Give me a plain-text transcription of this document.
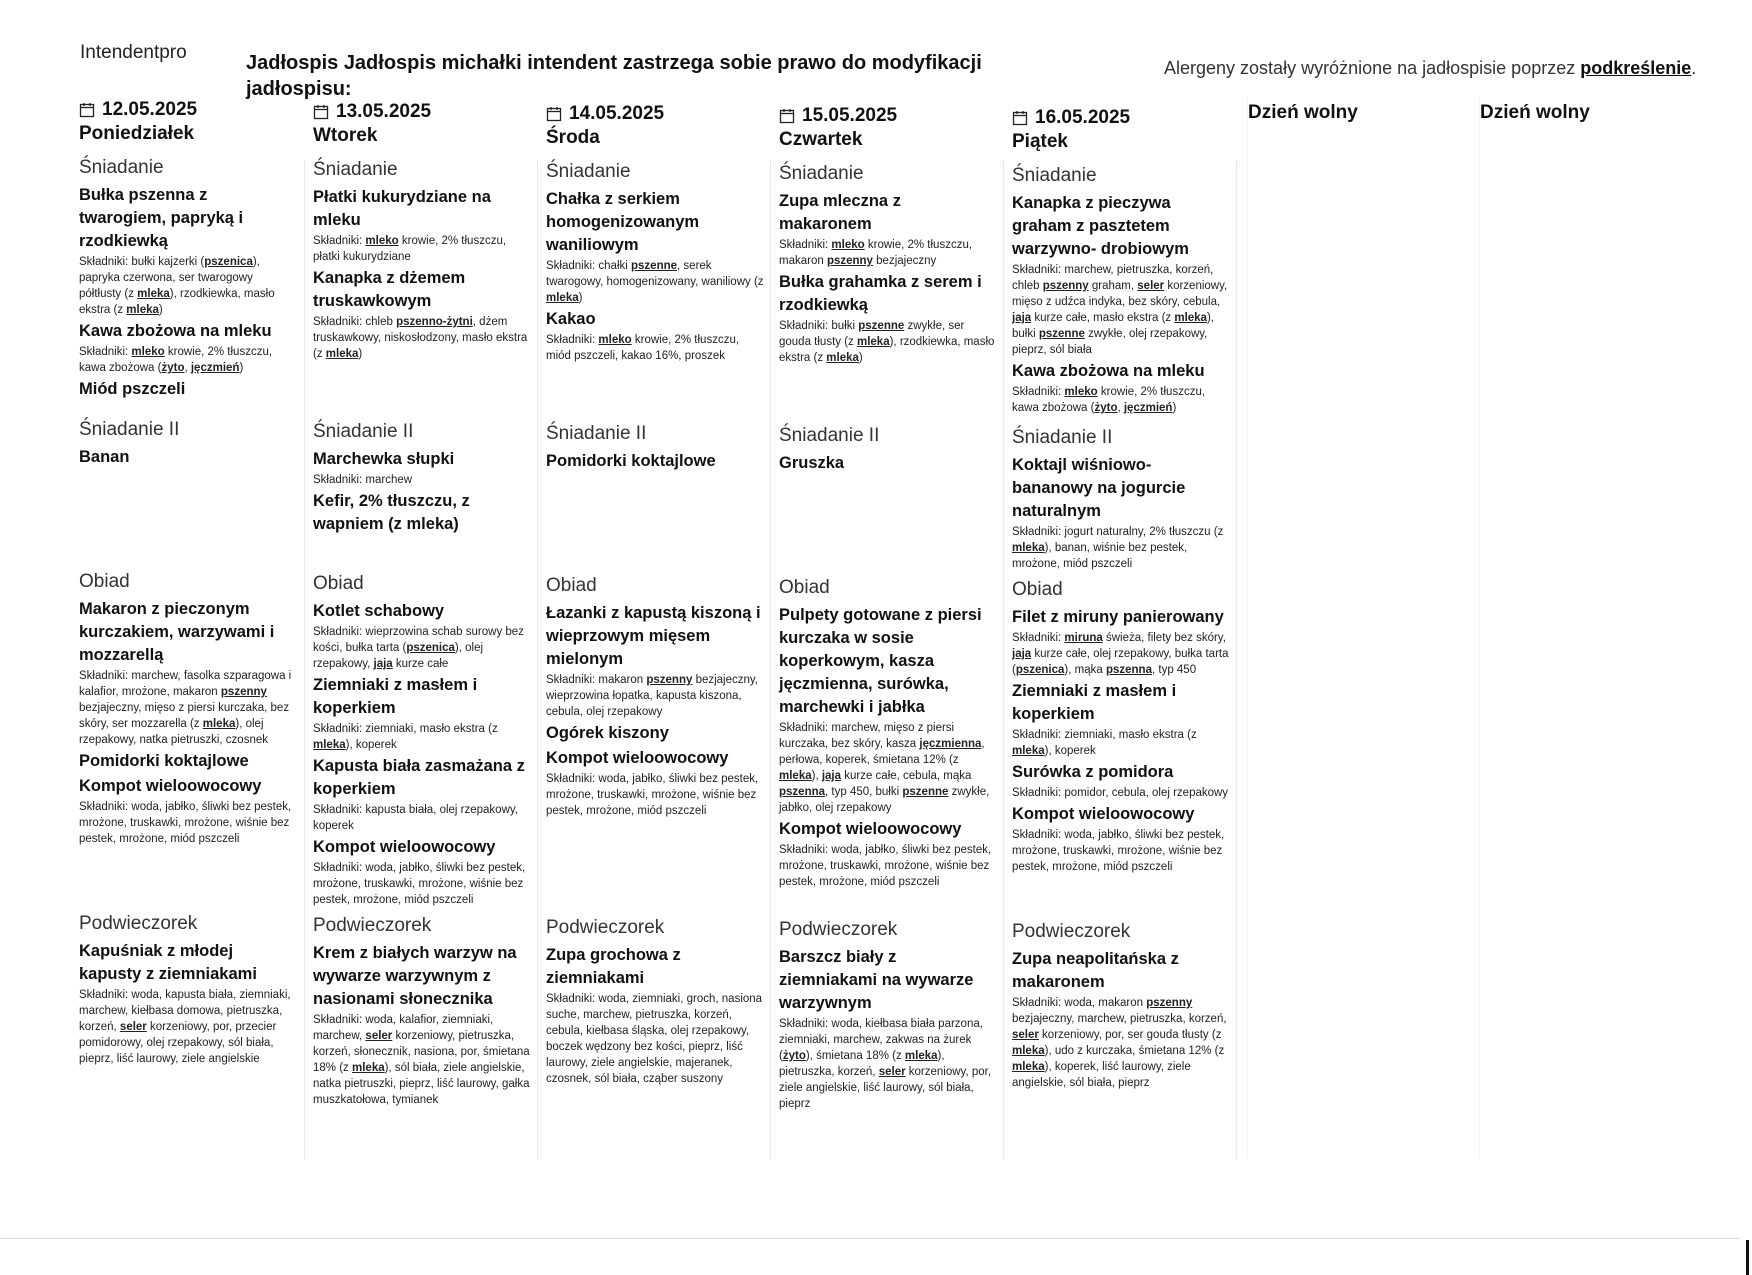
Intendentpro	Jadłospis Jadłospis michałki intendent zastrzega sobie prawo do modyfikacji jadłospisu:
Alergeny zostały wyróżnione na jadłospisie poprzez podkreślenie.
12.05.2025
Poniedziałek
Śniadanie
Bułka pszenna z twarogiem, papryką i rzodkiewką
Składniki: bułki kajzerki (pszenica), papryka czerwona, ser twarogowy półtłusty (z mleka), rzodkiewka, masło ekstra (z mleka)
Kawa zbożowa na mleku
Składniki: mleko krowie, 2% tłuszczu, kawa zbożowa (żyto, jęczmień)
Miód pszczeli
Śniadanie II
Banan
Obiad
Makaron z pieczonym kurczakiem, warzywami i mozzarellą
Składniki: marchew, fasolka szparagowa i kalafior, mrożone, makaron pszenny bezjajeczny, mięso z piersi kurczaka, bez skóry, ser mozzarella (z mleka), olej rzepakowy, natka pietruszki, czosnek
Pomidorki koktajlowe
Kompot wieloowocowy
Składniki: woda, jabłko, śliwki bez pestek, mrożone, truskawki, mrożone, wiśnie bez pestek, mrożone, miód pszczeli
Podwieczorek
Kapuśniak z młodej kapusty z ziemniakami
Składniki: woda, kapusta biała, ziemniaki, marchew, kiełbasa domowa, pietruszka, korzeń, seler korzeniowy, por, przecier pomidorowy, olej rzepakowy, sól biała, pieprz, liść laurowy, ziele angielskie
13.05.2025
Wtorek
Śniadanie
Płatki kukurydziane na mleku
Składniki: mleko krowie, 2% tłuszczu, płatki kukurydziane
Kanapka z dżemem truskawkowym
Składniki: chleb pszenno-żytni, dżem truskawkowy, niskosłodzony, masło ekstra (z mleka)
Śniadanie II
Marchewka słupki
Składniki: marchew
Kefir, 2% tłuszczu, z wapniem (z mleka)
Obiad
Kotlet schabowy
Składniki: wieprzowina schab surowy bez kości, bułka tarta (pszenica), olej rzepakowy, jaja kurze całe
Ziemniaki z masłem i koperkiem
Składniki: ziemniaki, masło ekstra (z mleka), koperek
Kapusta biała zasmażana z koperkiem
Składniki: kapusta biała, olej rzepakowy, koperek
Kompot wieloowocowy
Składniki: woda, jabłko, śliwki bez pestek, mrożone, truskawki, mrożone, wiśnie bez pestek, mrożone, miód pszczeli
Podwieczorek
Krem z białych warzyw na wywarze warzywnym z nasionami słonecznika
Składniki: woda, kalafior, ziemniaki, marchew, seler korzeniowy, pietruszka, korzeń, słonecznik, nasiona, por, śmietana 18% (z mleka), sól biała, ziele angielskie, natka pietruszki, pieprz, liść laurowy, gałka muszkatołowa, tymianek
14.05.2025
Środa
Śniadanie
Chałka z serkiem homogenizowanym waniliowym
Składniki: chałki pszenne, serek twarogowy, homogenizowany, waniliowy (z mleka)
Kakao
Składniki: mleko krowie, 2% tłuszczu, miód pszczeli, kakao 16%, proszek
Śniadanie II
Pomidorki koktajlowe
Obiad
Łazanki z kapustą kiszoną i wieprzowym mięsem mielonym
Składniki: makaron pszenny bezjajeczny, wieprzowina łopatka, kapusta kiszona, cebula, olej rzepakowy
Ogórek kiszony
Kompot wieloowocowy
Składniki: woda, jabłko, śliwki bez pestek, mrożone, truskawki, mrożone, wiśnie bez pestek, mrożone, miód pszczeli
Podwieczorek
Zupa grochowa z ziemniakami
Składniki: woda, ziemniaki, groch, nasiona suche, marchew, pietruszka, korzeń, cebula, kiełbasa śląska, olej rzepakowy, boczek wędzony bez kości, pieprz, liść laurowy, ziele angielskie, majeranek, czosnek, sól biała, cząber suszony
15.05.2025
Czwartek
Śniadanie
Zupa mleczna z makaronem
Składniki: mleko krowie, 2% tłuszczu, makaron pszenny bezjajeczny
Bułka grahamka z serem i rzodkiewką
Składniki: bułki pszenne zwykłe, ser gouda tłusty (z mleka), rzodkiewka, masło ekstra (z mleka)
Śniadanie II
Gruszka
Obiad
Pulpety gotowane z piersi kurczaka w sosie koperkowym, kasza jęczmienna, surówka, marchewki i jabłka
Składniki: marchew, mięso z piersi kurczaka, bez skóry, kasza jęczmienna, perłowa, koperek, śmietana 12% (z mleka), jaja kurze całe, cebula, mąka pszenna, typ 450, bułki pszenne zwykłe, jabłko, olej rzepakowy
Kompot wieloowocowy
Składniki: woda, jabłko, śliwki bez pestek, mrożone, truskawki, mrożone, wiśnie bez pestek, mrożone, miód pszczeli
Podwieczorek
Barszcz biały z ziemniakami na wywarze warzywnym
Składniki: woda, kiełbasa biała parzona, ziemniaki, marchew, zakwas na żurek (żyto), śmietana 18% (z mleka), pietruszka, korzeń, seler korzeniowy, por, ziele angielskie, liść laurowy, sól biała, pieprz
16.05.2025
Piątek
Śniadanie
Kanapka z pieczywa graham z pasztetem warzywno- drobiowym
Składniki: marchew, pietruszka, korzeń, chleb pszenny graham, seler korzeniowy, mięso z udźca indyka, bez skóry, cebula, jaja kurze całe, masło ekstra (z mleka), bułki pszenne zwykłe, olej rzepakowy, pieprz, sól biała
Kawa zbożowa na mleku
Składniki: mleko krowie, 2% tłuszczu, kawa zbożowa (żyto, jęczmień)
Śniadanie II
Koktajl wiśniowo-bananowy na jogurcie naturalnym
Składniki: jogurt naturalny, 2% tłuszczu (z mleka), banan, wiśnie bez pestek, mrożone, miód pszczeli
Obiad
Filet z miruny panierowany
Składniki: miruna świeża, filety bez skóry, jaja kurze całe, olej rzepakowy, bułka tarta (pszenica), mąka pszenna, typ 450
Ziemniaki z masłem i koperkiem
Składniki: ziemniaki, masło ekstra (z mleka), koperek
Surówka z pomidora
Składniki: pomidor, cebula, olej rzepakowy
Kompot wieloowocowy
Składniki: woda, jabłko, śliwki bez pestek, mrożone, truskawki, mrożone, wiśnie bez pestek, mrożone, miód pszczeli
Podwieczorek
Zupa neapolitańska z makaronem
Składniki: woda, makaron pszenny bezjajeczny, marchew, pietruszka, korzeń, seler korzeniowy, por, ser gouda tłusty (z mleka), udo z kurczaka, śmietana 12% (z mleka), koperek, liść laurowy, ziele angielskie, sól biała, pieprz
Dzień wolny	Dzień wolny
